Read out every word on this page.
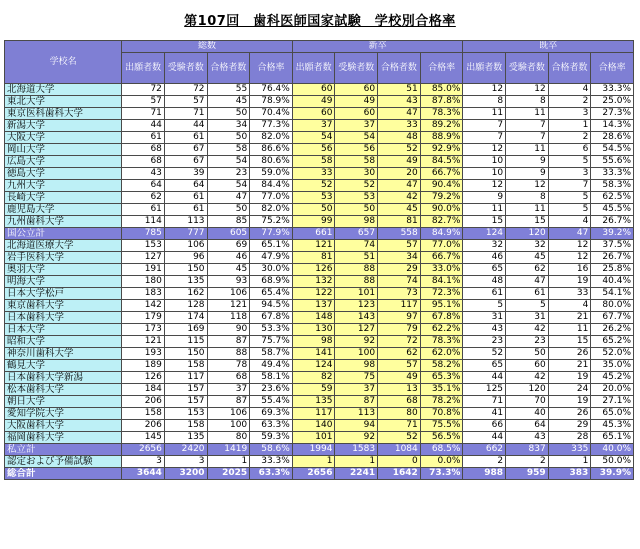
第107回　歯科医師国家試験　学校別合格率
学校名	総数				新卒				既卒			
	出願者数	受験者数	合格者数	合格率	出願者数	受験者数	合格者数	合格率	出願者数	受験者数	合格者数	合格率
北海道大学	72	72	55	76.4%	60	60	51	85.0%	12	12	4	33.3%
東北大学	57	57	45	78.9%	49	49	43	87.8%	8	8	2	25.0%
東京医科歯科大学	71	71	50	70.4%	60	60	47	78.3%	11	11	3	27.3%
新潟大学	44	44	34	77.3%	37	37	33	89.2%	7	7	1	14.3%
大阪大学	61	61	50	82.0%	54	54	48	88.9%	7	7	2	28.6%
岡山大学	68	67	58	86.6%	56	56	52	92.9%	12	11	6	54.5%
広島大学	68	67	54	80.6%	58	58	49	84.5%	10	9	5	55.6%
徳島大学	43	39	23	59.0%	33	30	20	66.7%	10	9	3	33.3%
九州大学	64	64	54	84.4%	52	52	47	90.4%	12	12	7	58.3%
長崎大学	62	61	47	77.0%	53	53	42	79.2%	9	8	5	62.5%
鹿児島大学	61	61	50	82.0%	50	50	45	90.0%	11	11	5	45.5%
九州歯科大学	114	113	85	75.2%	99	98	81	82.7%	15	15	4	26.7%
国公立計	785	777	605	77.9%	661	657	558	84.9%	124	120	47	39.2%
北海道医療大学	153	106	69	65.1%	121	74	57	77.0%	32	32	12	37.5%
岩手医科大学	127	96	46	47.9%	81	51	34	66.7%	46	45	12	26.7%
奥羽大学	191	150	45	30.0%	126	88	29	33.0%	65	62	16	25.8%
明海大学	180	135	93	68.9%	132	88	74	84.1%	48	47	19	40.4%
日本大学松戸	183	162	106	65.4%	122	101	73	72.3%	61	61	33	54.1%
東京歯科大学	142	128	121	94.5%	137	123	117	95.1%	5	5	4	80.0%
日本歯科大学	179	174	118	67.8%	148	143	97	67.8%	31	31	21	67.7%
日本大学	173	169	90	53.3%	130	127	79	62.2%	43	42	11	26.2%
昭和大学	121	115	87	75.7%	98	92	72	78.3%	23	23	15	65.2%
神奈川歯科大学	193	150	88	58.7%	141	100	62	62.0%	52	50	26	52.0%
鶴見大学	189	158	78	49.4%	124	98	57	58.2%	65	60	21	35.0%
日本歯科大学新潟	126	117	68	58.1%	82	75	49	65.3%	44	42	19	45.2%
松本歯科大学	184	157	37	23.6%	59	37	13	35.1%	125	120	24	20.0%
朝日大学	206	157	87	55.4%	135	87	68	78.2%	71	70	19	27.1%
愛知学院大学	158	153	106	69.3%	117	113	80	70.8%	41	40	26	65.0%
大阪歯科大学	206	158	100	63.3%	140	94	71	75.5%	66	64	29	45.3%
福岡歯科大学	145	135	80	59.3%	101	92	52	56.5%	44	43	28	65.1%
私立計	2656	2420	1419	58.6%	1994	1583	1084	68.5%	662	837	335	40.0%
認定および予備試験	3	3	1	33.3%	1	1	0	0.0%	2	2	1	50.0%
総合計	3644	3200	2025	63.3%	2656	2241	1642	73.3%	988	959	383	39.9%
